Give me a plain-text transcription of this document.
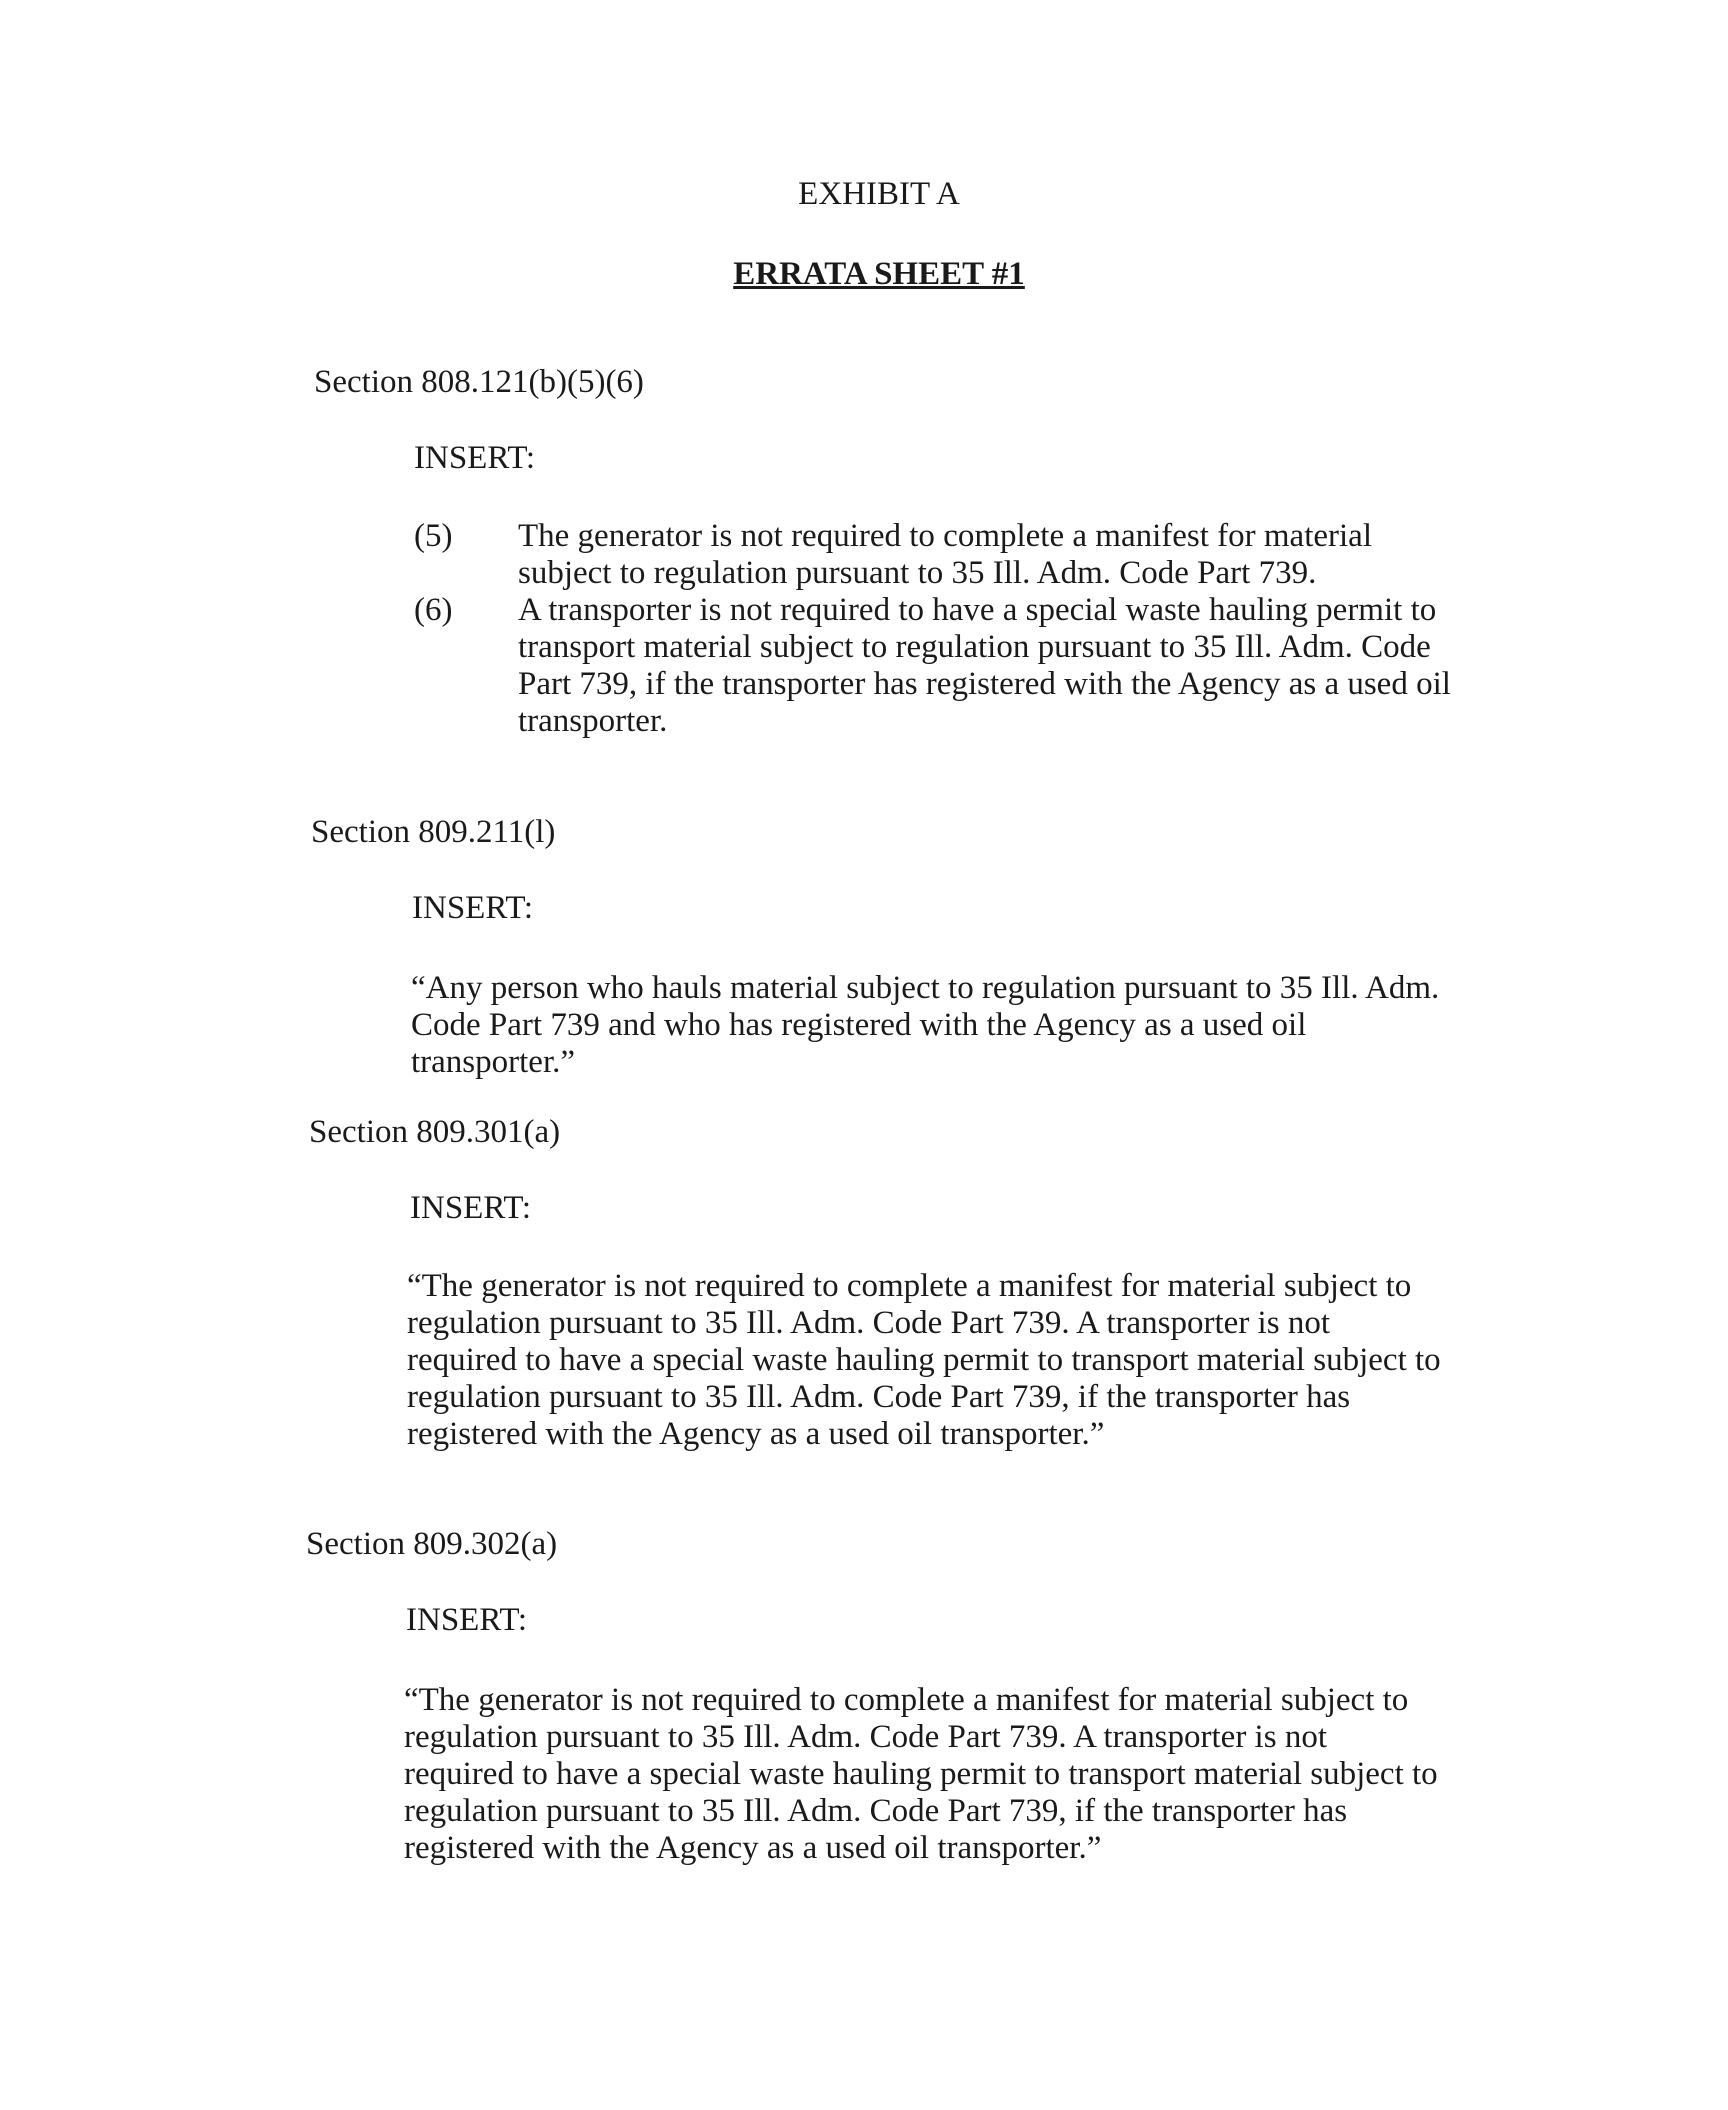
EXHIBIT A
ERRATA SHEET #1
Section 808.121(b)(5)(6)
INSERT:
(5) The generator is not required to complete a manifest for material
subject to regulation pursuant to 35 Ill. Adm. Code Part 739.
(6) A transporter is not required to have a special waste hauling permit to
transport material subject to regulation pursuant to 35 Ill. Adm. Code
Part 739, if the transporter has registered with the Agency as a used oil
transporter.
Section 809.211(l)
INSERT:
“Any person who hauls material subject to regulation pursuant to 35 Ill. Adm.
Code Part 739 and who has registered with the Agency as a used oil
transporter.”
Section 809.301(a)
INSERT:
“The generator is not required to complete a manifest for material subject to
regulation pursuant to 35 Ill. Adm. Code Part 739. A transporter is not
required to have a special waste hauling permit to transport material subject to
regulation pursuant to 35 Ill. Adm. Code Part 739, if the transporter has
registered with the Agency as a used oil transporter.”
Section 809.302(a)
INSERT:
“The generator is not required to complete a manifest for material subject to
regulation pursuant to 35 Ill. Adm. Code Part 739. A transporter is not
required to have a special waste hauling permit to transport material subject to
regulation pursuant to 35 Ill. Adm. Code Part 739, if the transporter has
registered with the Agency as a used oil transporter.”
